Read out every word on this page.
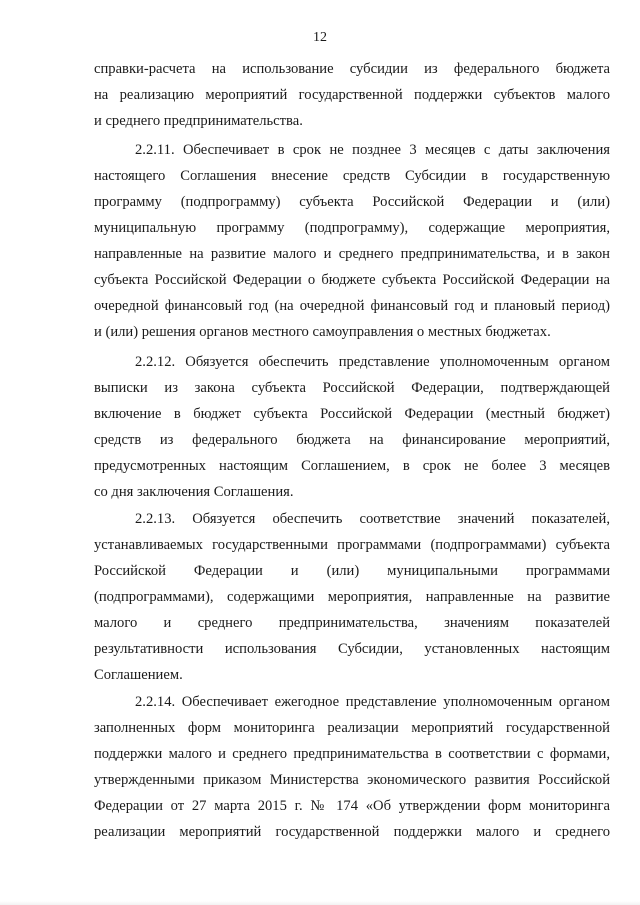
12
справки-расчета на использование субсидии из федерального бюджета
на реализацию мероприятий государственной поддержки субъектов малого
и среднего предпринимательства.
2.2.11. Обеспечивает в срок не позднее 3 месяцев с даты заключения
настоящего Соглашения внесение средств Субсидии в государственную
программу (подпрограмму) субъекта Российской Федерации и (или)
муниципальную программу (подпрограмму), содержащие мероприятия,
направленные на развитие малого и среднего предпринимательства, и в закон
субъекта Российской Федерации о бюджете субъекта Российской Федерации на
очередной финансовый год (на очередной финансовый год и плановый период)
и (или) решения органов местного самоуправления о местных бюджетах.
2.2.12. Обязуется обеспечить представление уполномоченным органом
выписки из закона субъекта Российской Федерации, подтверждающей
включение в бюджет субъекта Российской Федерации (местный бюджет)
средств из федерального бюджета на финансирование мероприятий,
предусмотренных настоящим Соглашением, в срок не более 3 месяцев
со дня заключения Соглашения.
2.2.13. Обязуется обеспечить соответствие значений показателей,
устанавливаемых государственными программами (подпрограммами) субъекта
Российской Федерации и (или) муниципальными программами
(подпрограммами), содержащими мероприятия, направленные на развитие
малого и среднего предпринимательства, значениям показателей
результативности использования Субсидии, установленных настоящим
Соглашением.
2.2.14. Обеспечивает ежегодное представление уполномоченным органом
заполненных форм мониторинга реализации мероприятий государственной
поддержки малого и среднего предпринимательства в соответствии с формами,
утвержденными приказом Министерства экономического развития Российской
Федерации от 27 марта 2015 г. № 174 «Об утверждении форм мониторинга
реализации мероприятий государственной поддержки малого и среднего
